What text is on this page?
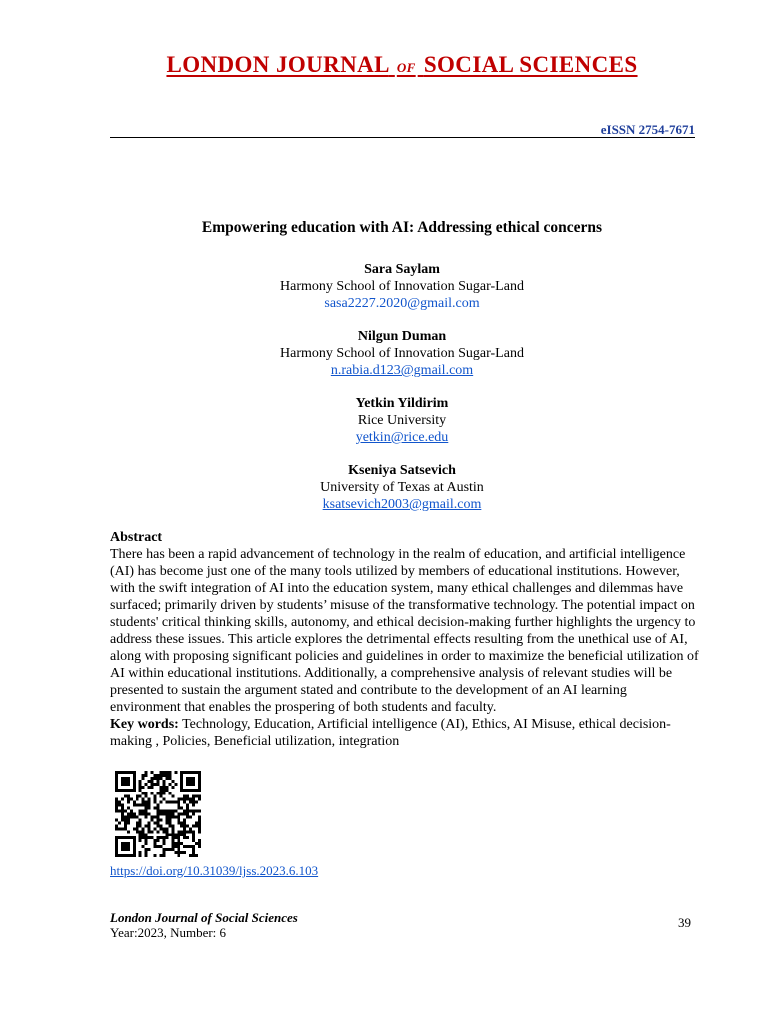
LONDON JOURNAL OF SOCIAL SCIENCES
eISSN 2754-7671
Empowering education with AI: Addressing ethical concerns
Sara Saylam
Harmony School of Innovation Sugar-Land
sasa2227.2020@gmail.com
Nilgun Duman
Harmony School of Innovation Sugar-Land
n.rabia.d123@gmail.com
Yetkin Yildirim
Rice University
yetkin@rice.edu
Kseniya Satsevich
University of Texas at Austin
ksatsevich2003@gmail.com
Abstract
There has been a rapid advancement of technology in the realm of education, and artificial intelligence (AI) has become just one of the many tools utilized by members of educational institutions. However, with the swift integration of AI into the education system, many ethical challenges and dilemmas have surfaced; primarily driven by students’ misuse of the transformative technology. The potential impact on students' critical thinking skills, autonomy, and ethical decision-making further highlights the urgency to address these issues. This article explores the detrimental effects resulting from the unethical use of AI, along with proposing significant policies and guidelines in order to maximize the beneficial utilization of AI within educational institutions. Additionally, a comprehensive analysis of relevant studies will be presented to sustain the argument stated and contribute to the development of an AI learning environment that enables the prospering of both students and faculty.
Key words: Technology, Education, Artificial intelligence (AI), Ethics, AI Misuse, ethical decision-making , Policies, Beneficial utilization, integration
https://doi.org/10.31039/ljss.2023.6.103
London Journal of Social Sciences
Year:2023, Number: 6
39
